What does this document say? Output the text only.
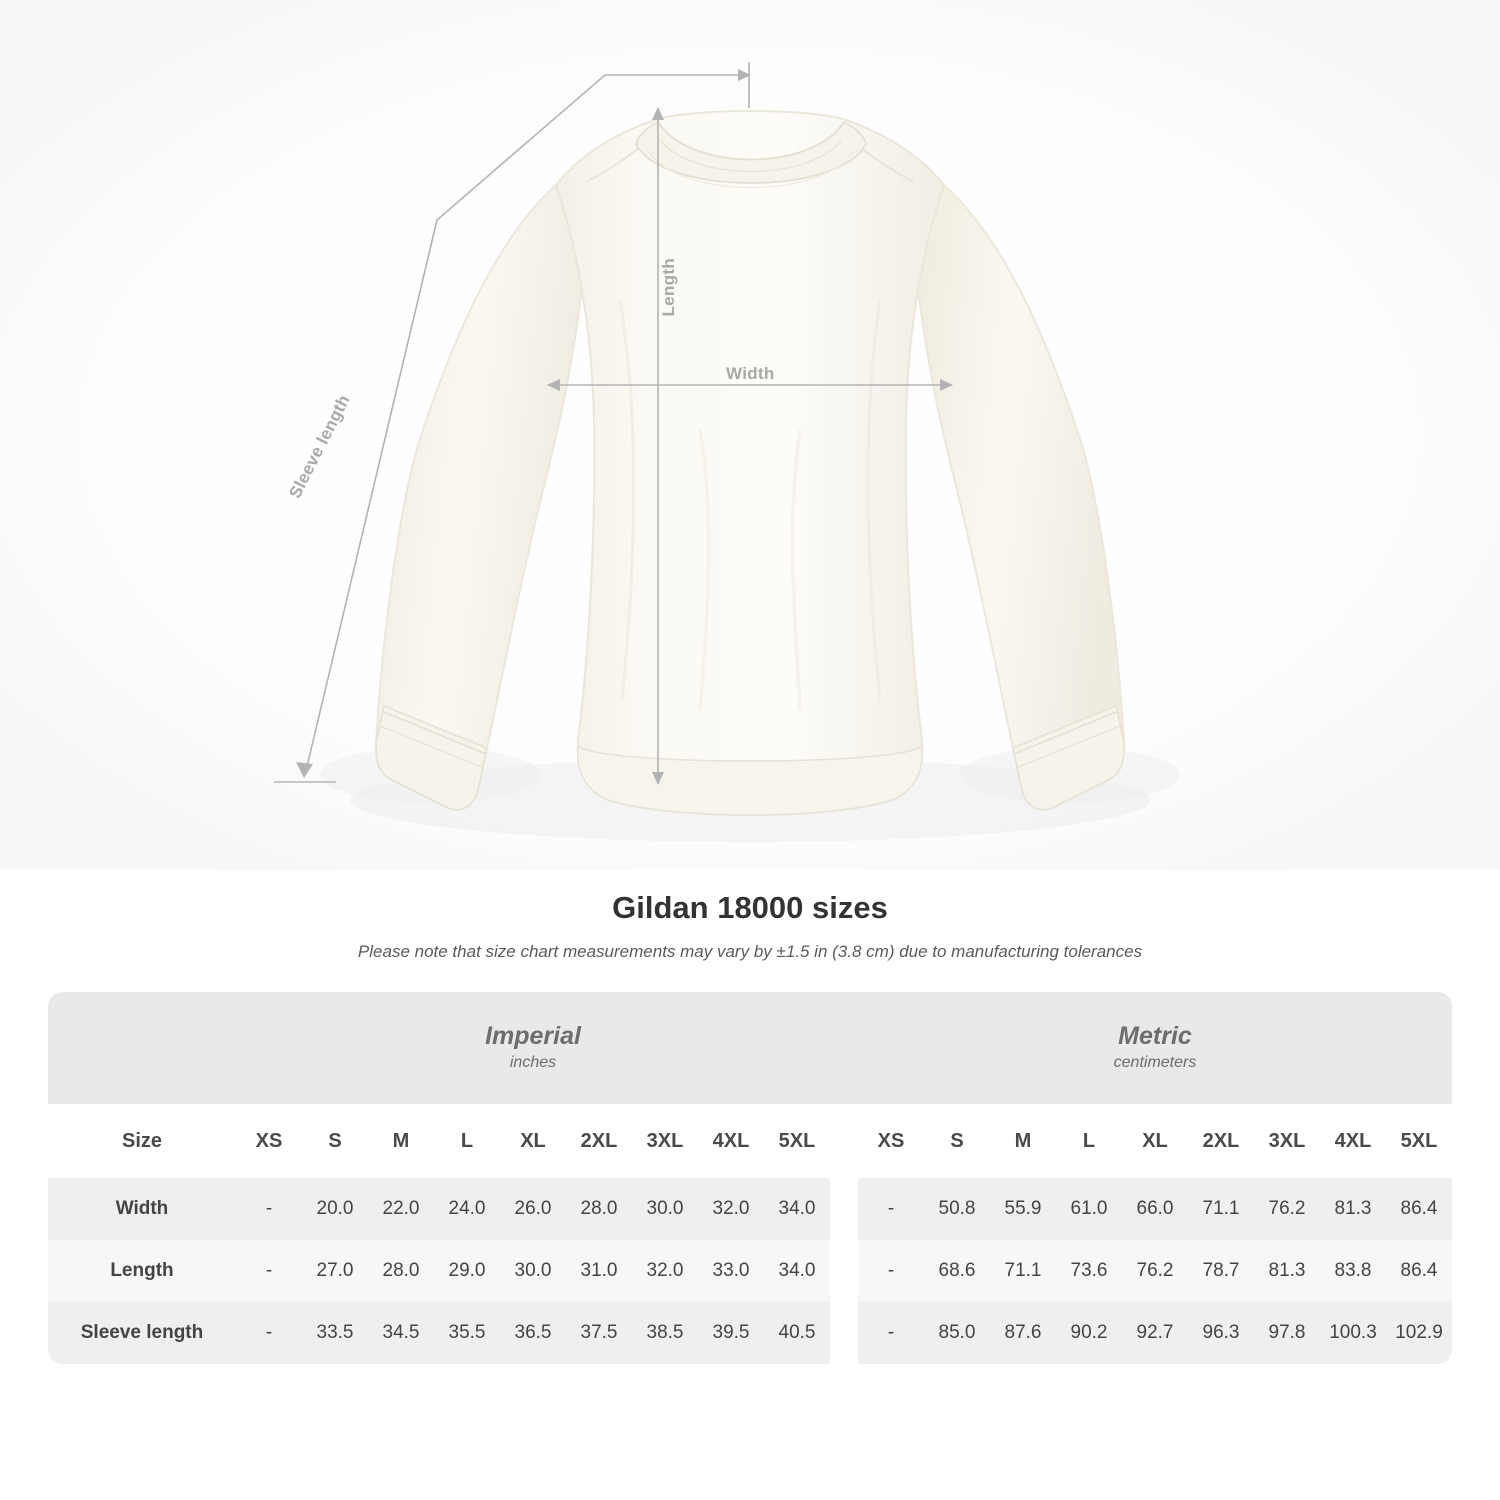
Width
Length
Sleeve length
Gildan 18000 sizes

Please note that size chart measurements may vary by ±1.5 in (3.8 cm) due to manufacturing tolerances

Imperial
inches

Metric
centimeters

Size	XS	S	M	L	XL	2XL	3XL	4XL	5XL		XS	S	M	L	XL	2XL	3XL	4XL	5XL
Width	-	20.0	22.0	24.0	26.0	28.0	30.0	32.0	34.0		-	50.8	55.9	61.0	66.0	71.1	76.2	81.3	86.4
Length	-	27.0	28.0	29.0	30.0	31.0	32.0	33.0	34.0		-	68.6	71.1	73.6	76.2	78.7	81.3	83.8	86.4
Sleeve length	-	33.5	34.5	35.5	36.5	37.5	38.5	39.5	40.5		-	85.0	87.6	90.2	92.7	96.3	97.8	100.3	102.9
